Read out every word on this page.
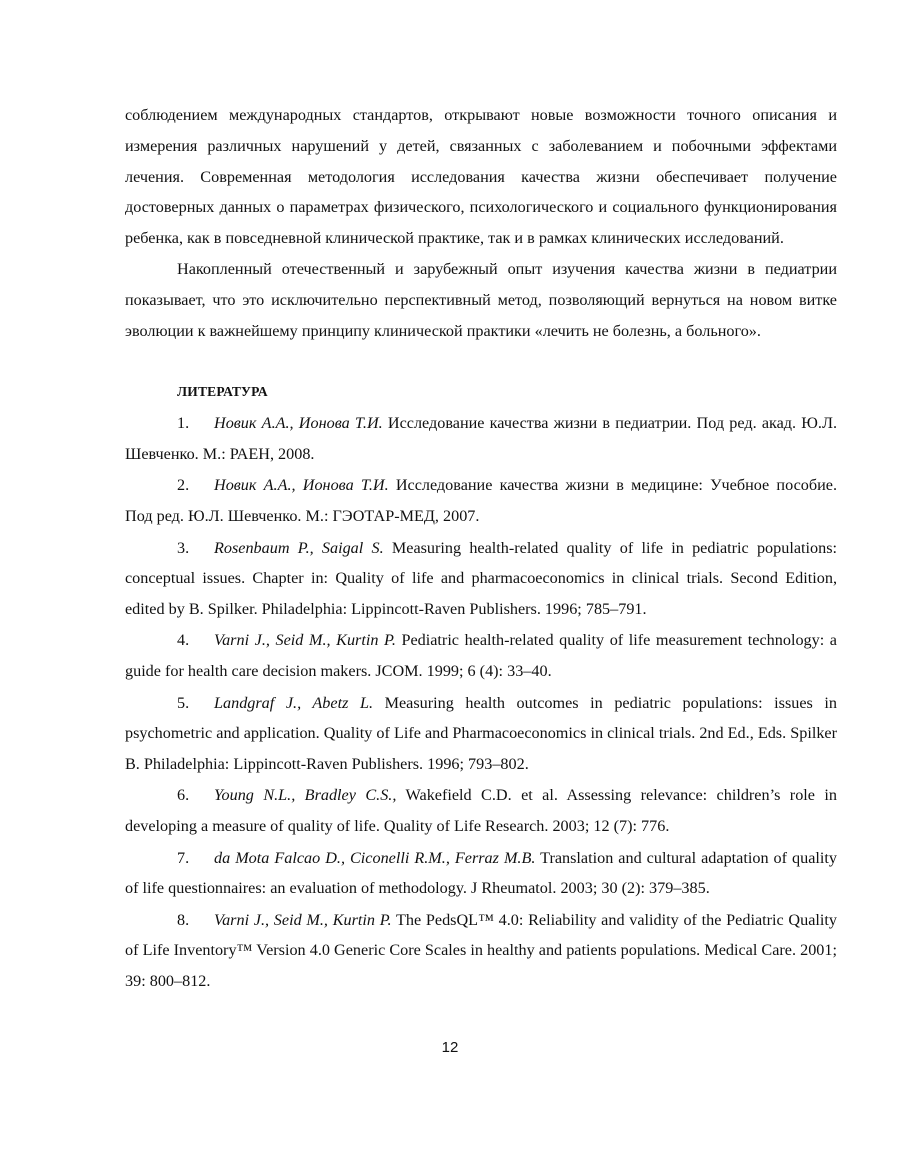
соблюдением международных стандартов, открывают новые возможности точного описания и измерения различных нарушений у детей, связанных с заболеванием и побочными эффектами лечения. Современная методология исследования качества жизни обеспечивает получение достоверных данных о параметрах физического, психологического и социального функционирования ребенка, как в повседневной клинической практике, так и в рамках клинических исследований.

Накопленный отечественный и зарубежный опыт изучения качества жизни в педиатрии показывает, что это исключительно перспективный метод, позволяющий вернуться на новом витке эволюции к важнейшему принципу клинической практики «лечить не болезнь, а больного».

ЛИТЕРАТУРА

1. Новик А.А., Ионова Т.И. Исследование качества жизни в педиатрии. Под ред. акад. Ю.Л. Шевченко. М.: РАЕН, 2008.

2. Новик А.А., Ионова Т.И. Исследование качества жизни в медицине: Учебное пособие. Под ред. Ю.Л. Шевченко. М.: ГЭОТАР-МЕД, 2007.

3. Rosenbaum P., Saigal S. Measuring health-related quality of life in pediatric populations: conceptual issues. Chapter in: Quality of life and pharmacoeconomics in clinical trials. Second Edition, edited by B. Spilker. Philadelphia: Lippincott-Raven Publishers. 1996; 785–791.

4. Varni J., Seid M., Kurtin P. Pediatric health-related quality of life measurement technology: a guide for health care decision makers. JCOM. 1999; 6 (4): 33–40.

5. Landgraf J., Abetz L. Measuring health outcomes in pediatric populations: issues in psychometric and application. Quality of Life and Pharmacoeconomics in clinical trials. 2nd Ed., Eds. Spilker B. Philadelphia: Lippincott-Raven Publishers. 1996; 793–802.

6. Young N.L., Bradley C.S., Wakefield C.D. et al. Assessing relevance: children’s role in developing a measure of quality of life. Quality of Life Research. 2003; 12 (7): 776.

7. da Mota Falcao D., Ciconelli R.M., Ferraz M.B. Translation and cultural adaptation of quality of life questionnaires: an evaluation of methodology. J Rheumatol. 2003; 30 (2): 379–385.

8. Varni J., Seid M., Kurtin P. The PedsQL™ 4.0: Reliability and validity of the Pediatric Quality of Life Inventory™ Version 4.0 Generic Core Scales in healthy and patients populations. Medical Care. 2001; 39: 800–812.

12
